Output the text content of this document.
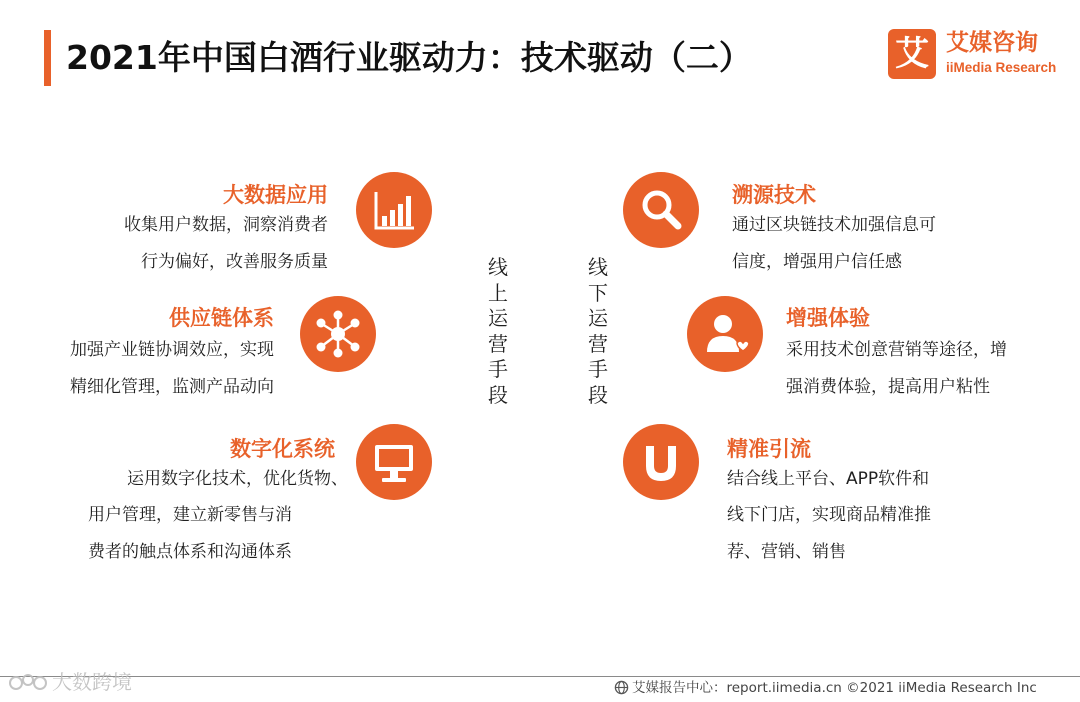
2021年中国白酒行业驱动力：技术驱动（二）	艾 艾媒咨询
iiMedia Research
大数据应用
收集用户数据，洞察消费者
行为偏好，改善服务质量
供应链体系
加强产业链协调效应，实现
精细化管理，监测产品动向
数字化系统
运用数字化技术，优化货物、
用户管理，建立新零售与消
费者的触点体系和沟通体系
线上运营手段
线下运营手段
溯源技术
通过区块链技术加强信息可
信度，增强用户信任感
增强体验
采用技术创意营销等途径，增
强消费体验，提高用户粘性
精准引流
结合线上平台、APP软件和
线下门店，实现商品精准推
荐、营销、销售
大数跨境	艾媒报告中心：report.iimedia.cn ©2021 iiMedia Research Inc
